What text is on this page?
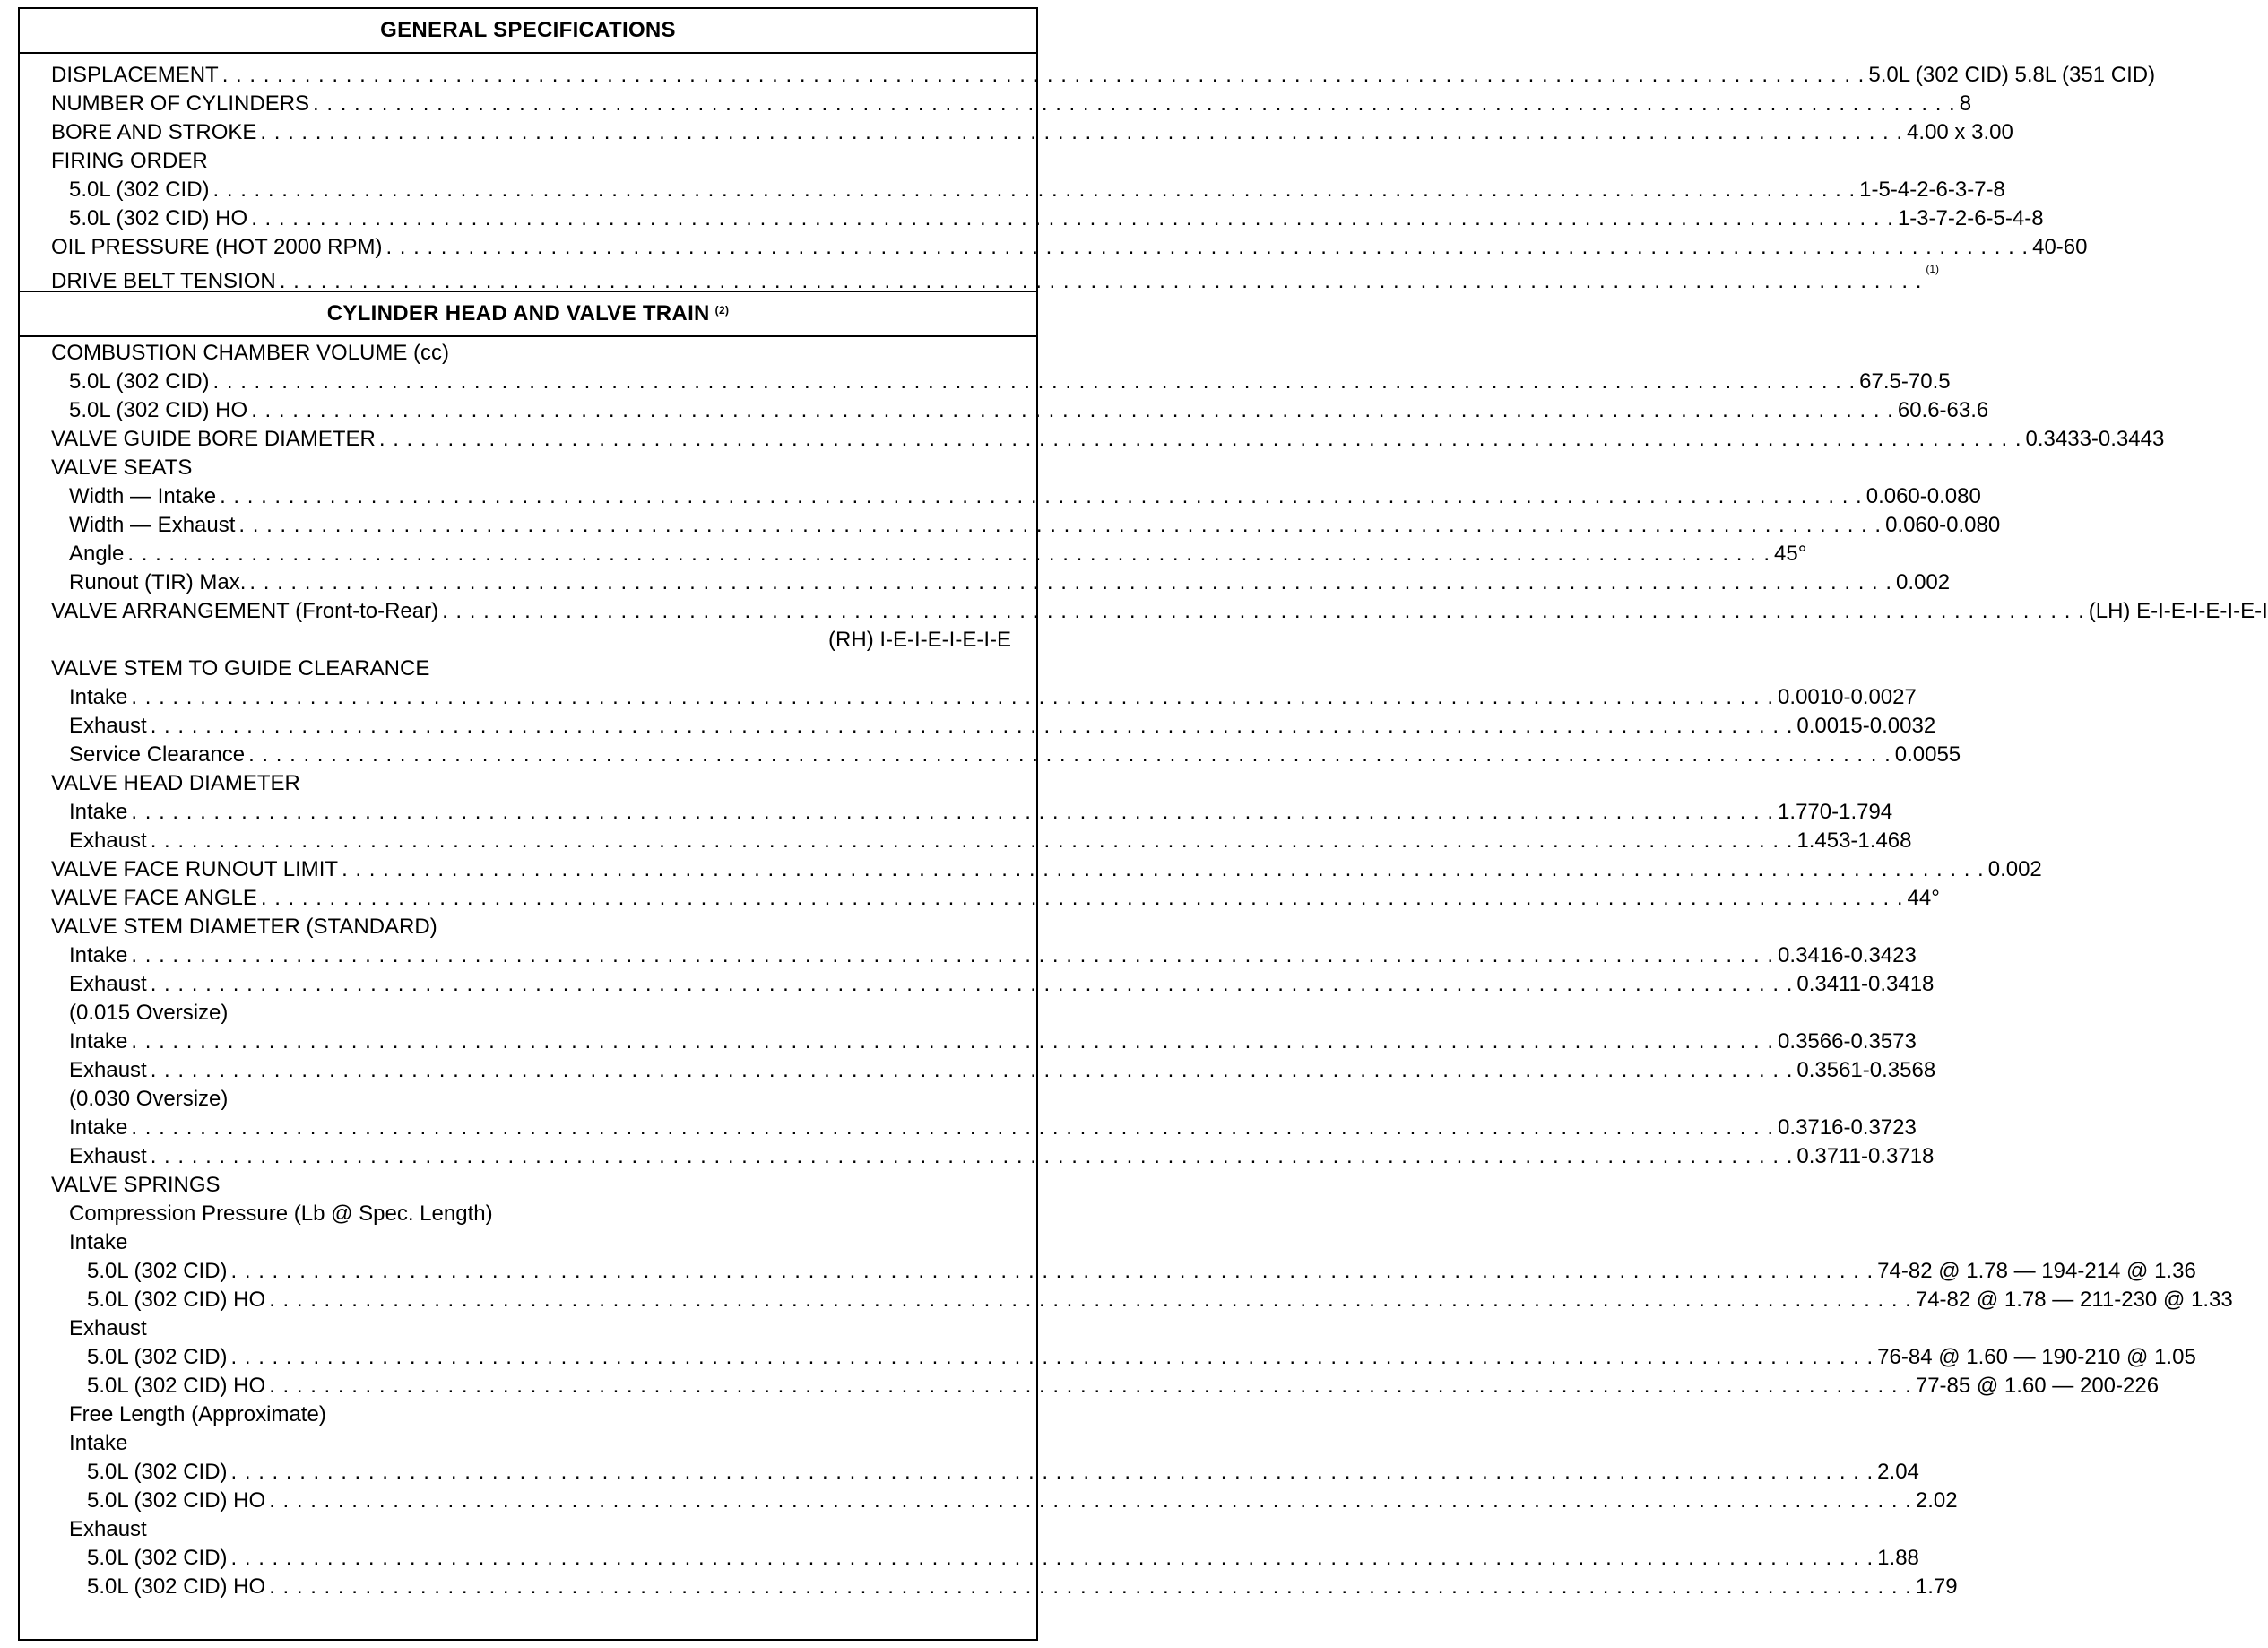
GENERAL SPECIFICATIONS
DISPLACEMENT . . . . . . . . . . . . . . . . . . . . . . . . . . . . . . . . . . . . . . . . . . . . . . . . . . . . . . . . . . . . . . . . . . . . . . . . . . . . . . . . . . . . . . . . . . . . . . . . . . . . . . . . . . . . . . . . . . . . . . . . 5.0L (302 CID) 5.8L (351 CID)
NUMBER OF CYLINDERS . . . . . . . . . . . . . . . . . . . . . . . . . . . . . . . . . . . . . . . . . . . . . . . . . . . . . . . . . . . . . . . . . . . . . . . . . . . . . . . . . . . . . . . . . . . . . . . . . . . . . . . . . . . . . . . . . . . . . . . . 8
BORE AND STROKE . . . . . . . . . . . . . . . . . . . . . . . . . . . . . . . . . . . . . . . . . . . . . . . . . . . . . . . . . . . . . . . . . . . . . . . . . . . . . . . . . . . . . . . . . . . . . . . . . . . . . . . . . . . . . . . . . . . . . . . . 4.00 x 3.00
FIRING ORDER
5.0L (302 CID) . . . . . . . . . . . . . . . . . . . . . . . . . . . . . . . . . . . . . . . . . . . . . . . . . . . . . . . . . . . . . . . . . . . . . . . . . . . . . . . . . . . . . . . . . . . . . . . . . . . . . . . . . . . . . . . . . . . . . . . . 1-5-4-2-6-3-7-8
5.0L (302 CID) HO . . . . . . . . . . . . . . . . . . . . . . . . . . . . . . . . . . . . . . . . . . . . . . . . . . . . . . . . . . . . . . . . . . . . . . . . . . . . . . . . . . . . . . . . . . . . . . . . . . . . . . . . . . . . . . . . . . . . . . . . 1-3-7-2-6-5-4-8
OIL PRESSURE (HOT 2000 RPM) . . . . . . . . . . . . . . . . . . . . . . . . . . . . . . . . . . . . . . . . . . . . . . . . . . . . . . . . . . . . . . . . . . . . . . . . . . . . . . . . . . . . . . . . . . . . . . . . . . . . . . . . . . . . . . . . . . . . . . . . 40-60
DRIVE BELT TENSION . . . . . . . . . . . . . . . . . . . . . . . . . . . . . . . . . . . . . . . . . . . . . . . . . . . . . . . . . . . . . . . . . . . . . . . . . . . . . . . . . . . . . . . . . . . . . . . . . . . . . . . . . . . . . . . . . . . . . . . . $^{(1)}$
CYLINDER HEAD AND VALVE TRAIN $^{(2)}$
COMBUSTION CHAMBER VOLUME (cc)
5.0L (302 CID) . . . . . . . . . . . . . . . . . . . . . . . . . . . . . . . . . . . . . . . . . . . . . . . . . . . . . . . . . . . . . . . . . . . . . . . . . . . . . . . . . . . . . . . . . . . . . . . . . . . . . . . . . . . . . . . . . . . . . . . . 67.5-70.5
5.0L (302 CID) HO . . . . . . . . . . . . . . . . . . . . . . . . . . . . . . . . . . . . . . . . . . . . . . . . . . . . . . . . . . . . . . . . . . . . . . . . . . . . . . . . . . . . . . . . . . . . . . . . . . . . . . . . . . . . . . . . . . . . . . . . 60.6-63.6
VALVE GUIDE BORE DIAMETER . . . . . . . . . . . . . . . . . . . . . . . . . . . . . . . . . . . . . . . . . . . . . . . . . . . . . . . . . . . . . . . . . . . . . . . . . . . . . . . . . . . . . . . . . . . . . . . . . . . . . . . . . . . . . . . . . . . . . . . . 0.3433-0.3443
VALVE SEATS
Width — Intake . . . . . . . . . . . . . . . . . . . . . . . . . . . . . . . . . . . . . . . . . . . . . . . . . . . . . . . . . . . . . . . . . . . . . . . . . . . . . . . . . . . . . . . . . . . . . . . . . . . . . . . . . . . . . . . . . . . . . . . . 0.060-0.080
Width — Exhaust . . . . . . . . . . . . . . . . . . . . . . . . . . . . . . . . . . . . . . . . . . . . . . . . . . . . . . . . . . . . . . . . . . . . . . . . . . . . . . . . . . . . . . . . . . . . . . . . . . . . . . . . . . . . . . . . . . . . . . . . 0.060-0.080
Angle . . . . . . . . . . . . . . . . . . . . . . . . . . . . . . . . . . . . . . . . . . . . . . . . . . . . . . . . . . . . . . . . . . . . . . . . . . . . . . . . . . . . . . . . . . . . . . . . . . . . . . . . . . . . . . . . . . . . . . . . 45°
Runout (TIR) Max. . . . . . . . . . . . . . . . . . . . . . . . . . . . . . . . . . . . . . . . . . . . . . . . . . . . . . . . . . . . . . . . . . . . . . . . . . . . . . . . . . . . . . . . . . . . . . . . . . . . . . . . . . . . . . . . . . . . . . . . . 0.002
VALVE ARRANGEMENT (Front-to-Rear) . . . . . . . . . . . . . . . . . . . . . . . . . . . . . . . . . . . . . . . . . . . . . . . . . . . . . . . . . . . . . . . . . . . . . . . . . . . . . . . . . . . . . . . . . . . . . . . . . . . . . . . . . . . . . . . . . . . . . . . . (LH) E-I-E-I-E-I-E-I
(RH) I-E-I-E-I-E-I-E
VALVE STEM TO GUIDE CLEARANCE
Intake . . . . . . . . . . . . . . . . . . . . . . . . . . . . . . . . . . . . . . . . . . . . . . . . . . . . . . . . . . . . . . . . . . . . . . . . . . . . . . . . . . . . . . . . . . . . . . . . . . . . . . . . . . . . . . . . . . . . . . . . 0.0010-0.0027
Exhaust . . . . . . . . . . . . . . . . . . . . . . . . . . . . . . . . . . . . . . . . . . . . . . . . . . . . . . . . . . . . . . . . . . . . . . . . . . . . . . . . . . . . . . . . . . . . . . . . . . . . . . . . . . . . . . . . . . . . . . . . 0.0015-0.0032
Service Clearance . . . . . . . . . . . . . . . . . . . . . . . . . . . . . . . . . . . . . . . . . . . . . . . . . . . . . . . . . . . . . . . . . . . . . . . . . . . . . . . . . . . . . . . . . . . . . . . . . . . . . . . . . . . . . . . . . . . . . . . . 0.0055
VALVE HEAD DIAMETER
Intake . . . . . . . . . . . . . . . . . . . . . . . . . . . . . . . . . . . . . . . . . . . . . . . . . . . . . . . . . . . . . . . . . . . . . . . . . . . . . . . . . . . . . . . . . . . . . . . . . . . . . . . . . . . . . . . . . . . . . . . . 1.770-1.794
Exhaust . . . . . . . . . . . . . . . . . . . . . . . . . . . . . . . . . . . . . . . . . . . . . . . . . . . . . . . . . . . . . . . . . . . . . . . . . . . . . . . . . . . . . . . . . . . . . . . . . . . . . . . . . . . . . . . . . . . . . . . . 1.453-1.468
VALVE FACE RUNOUT LIMIT . . . . . . . . . . . . . . . . . . . . . . . . . . . . . . . . . . . . . . . . . . . . . . . . . . . . . . . . . . . . . . . . . . . . . . . . . . . . . . . . . . . . . . . . . . . . . . . . . . . . . . . . . . . . . . . . . . . . . . . . 0.002
VALVE FACE ANGLE . . . . . . . . . . . . . . . . . . . . . . . . . . . . . . . . . . . . . . . . . . . . . . . . . . . . . . . . . . . . . . . . . . . . . . . . . . . . . . . . . . . . . . . . . . . . . . . . . . . . . . . . . . . . . . . . . . . . . . . . 44°
VALVE STEM DIAMETER (STANDARD)
Intake . . . . . . . . . . . . . . . . . . . . . . . . . . . . . . . . . . . . . . . . . . . . . . . . . . . . . . . . . . . . . . . . . . . . . . . . . . . . . . . . . . . . . . . . . . . . . . . . . . . . . . . . . . . . . . . . . . . . . . . . 0.3416-0.3423
Exhaust . . . . . . . . . . . . . . . . . . . . . . . . . . . . . . . . . . . . . . . . . . . . . . . . . . . . . . . . . . . . . . . . . . . . . . . . . . . . . . . . . . . . . . . . . . . . . . . . . . . . . . . . . . . . . . . . . . . . . . . . 0.3411-0.3418
(0.015 Oversize)
Intake . . . . . . . . . . . . . . . . . . . . . . . . . . . . . . . . . . . . . . . . . . . . . . . . . . . . . . . . . . . . . . . . . . . . . . . . . . . . . . . . . . . . . . . . . . . . . . . . . . . . . . . . . . . . . . . . . . . . . . . . 0.3566-0.3573
Exhaust . . . . . . . . . . . . . . . . . . . . . . . . . . . . . . . . . . . . . . . . . . . . . . . . . . . . . . . . . . . . . . . . . . . . . . . . . . . . . . . . . . . . . . . . . . . . . . . . . . . . . . . . . . . . . . . . . . . . . . . . 0.3561-0.3568
(0.030 Oversize)
Intake . . . . . . . . . . . . . . . . . . . . . . . . . . . . . . . . . . . . . . . . . . . . . . . . . . . . . . . . . . . . . . . . . . . . . . . . . . . . . . . . . . . . . . . . . . . . . . . . . . . . . . . . . . . . . . . . . . . . . . . . 0.3716-0.3723
Exhaust . . . . . . . . . . . . . . . . . . . . . . . . . . . . . . . . . . . . . . . . . . . . . . . . . . . . . . . . . . . . . . . . . . . . . . . . . . . . . . . . . . . . . . . . . . . . . . . . . . . . . . . . . . . . . . . . . . . . . . . . 0.3711-0.3718
VALVE SPRINGS
Compression Pressure (Lb @ Spec. Length)
Intake
5.0L (302 CID) . . . . . . . . . . . . . . . . . . . . . . . . . . . . . . . . . . . . . . . . . . . . . . . . . . . . . . . . . . . . . . . . . . . . . . . . . . . . . . . . . . . . . . . . . . . . . . . . . . . . . . . . . . . . . . . . . . . . . . . . 74-82 @ 1.78 — 194-214 @ 1.36
5.0L (302 CID) HO . . . . . . . . . . . . . . . . . . . . . . . . . . . . . . . . . . . . . . . . . . . . . . . . . . . . . . . . . . . . . . . . . . . . . . . . . . . . . . . . . . . . . . . . . . . . . . . . . . . . . . . . . . . . . . . . . . . . . . . . 74-82 @ 1.78 — 211-230 @ 1.33
Exhaust
5.0L (302 CID) . . . . . . . . . . . . . . . . . . . . . . . . . . . . . . . . . . . . . . . . . . . . . . . . . . . . . . . . . . . . . . . . . . . . . . . . . . . . . . . . . . . . . . . . . . . . . . . . . . . . . . . . . . . . . . . . . . . . . . . . 76-84 @ 1.60 — 190-210 @ 1.05
5.0L (302 CID) HO . . . . . . . . . . . . . . . . . . . . . . . . . . . . . . . . . . . . . . . . . . . . . . . . . . . . . . . . . . . . . . . . . . . . . . . . . . . . . . . . . . . . . . . . . . . . . . . . . . . . . . . . . . . . . . . . . . . . . . . . 77-85 @ 1.60 — 200-226
Free Length (Approximate)
Intake
5.0L (302 CID) . . . . . . . . . . . . . . . . . . . . . . . . . . . . . . . . . . . . . . . . . . . . . . . . . . . . . . . . . . . . . . . . . . . . . . . . . . . . . . . . . . . . . . . . . . . . . . . . . . . . . . . . . . . . . . . . . . . . . . . . 2.04
5.0L (302 CID) HO . . . . . . . . . . . . . . . . . . . . . . . . . . . . . . . . . . . . . . . . . . . . . . . . . . . . . . . . . . . . . . . . . . . . . . . . . . . . . . . . . . . . . . . . . . . . . . . . . . . . . . . . . . . . . . . . . . . . . . . . 2.02
Exhaust
5.0L (302 CID) . . . . . . . . . . . . . . . . . . . . . . . . . . . . . . . . . . . . . . . . . . . . . . . . . . . . . . . . . . . . . . . . . . . . . . . . . . . . . . . . . . . . . . . . . . . . . . . . . . . . . . . . . . . . . . . . . . . . . . . . 1.88
5.0L (302 CID) HO . . . . . . . . . . . . . . . . . . . . . . . . . . . . . . . . . . . . . . . . . . . . . . . . . . . . . . . . . . . . . . . . . . . . . . . . . . . . . . . . . . . . . . . . . . . . . . . . . . . . . . . . . . . . . . . . . . . . . . . . 1.79
